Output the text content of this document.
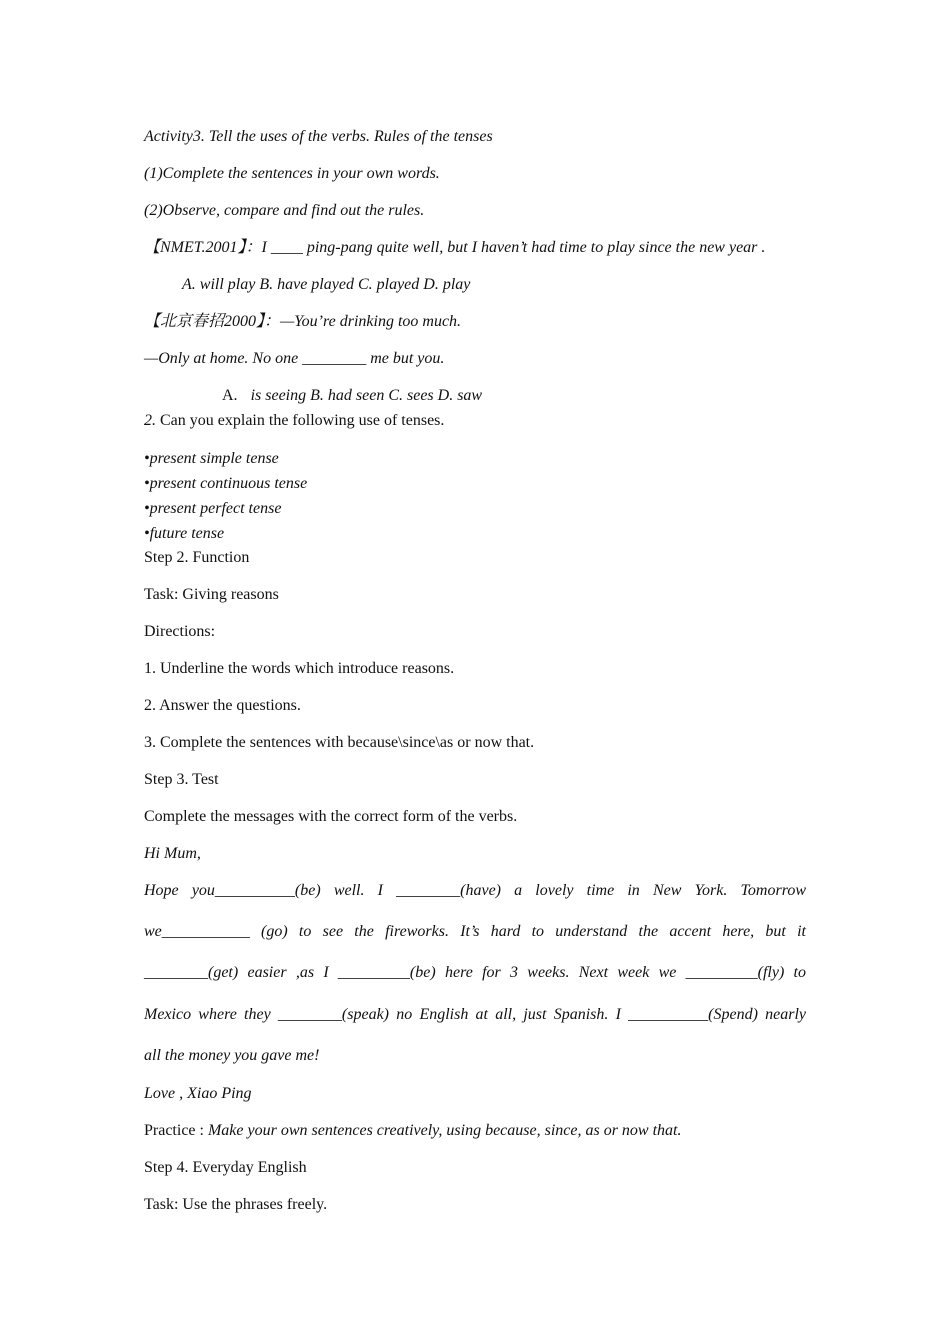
Activity3. Tell the uses of the verbs. Rules of the tenses
(1)Complete the sentences in your own words.
(2)Observe, compare and find out the rules.
【NMET.2001】：I ____ ping-pang quite well, but I haven’t had time to play since the new year .
A. will play B. have played C. played D. play
【北京春招2000】：—You’re drinking too much.
—Only at home. No one ________ me but you.
A. is seeing B. had seen C. sees D. saw
2. Can you explain the following use of tenses.
•present simple tense
•present continuous tense
•present perfect tense
•future tense
Step 2. Function
Task: Giving reasons
Directions:
1. Underline the words which introduce reasons.
2. Answer the questions.
3. Complete the sentences with because\since\as or now that.
Step 3. Test
Complete the messages with the correct form of the verbs.
Hi Mum,
Hope you__________(be) well. I ________(have) a lovely time in New York. Tomorrow
we___________ (go) to see the fireworks. It’s hard to understand the accent here, but it
________(get) easier ,as I _________(be) here for 3 weeks. Next week we _________(fly) to
Mexico where they ________(speak) no English at all, just Spanish. I __________(Spend) nearly
all the money you gave me!
Love , Xiao Ping
Practice : Make your own sentences creatively, using because, since, as or now that.
Step 4. Everyday English
Task: Use the phrases freely.
